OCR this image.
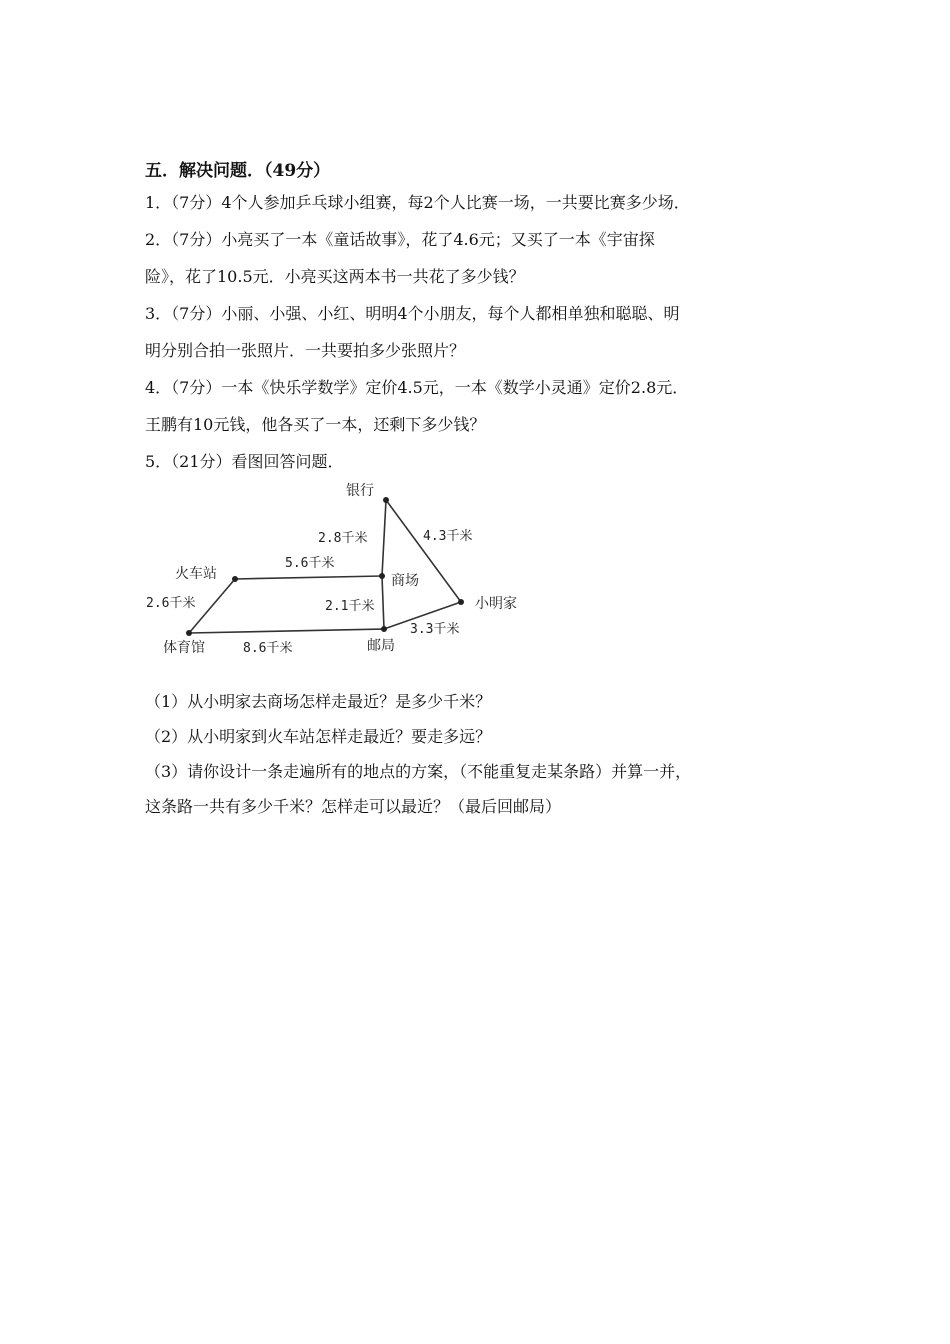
五．解决问题．（49分）

1．（7分）4个人参加乒乓球小组赛，每2个人比赛一场，一共要比赛多少场．

2．（7分）小亮买了一本《童话故事》，花了4.6元；又买了一本《宇宙探

险》，花了10.5元．小亮买这两本书一共花了多少钱？

3．（7分）小丽、小强、小红、明明4个小朋友，每个人都相单独和聪聪、明

明分别合拍一张照片．一共要拍多少张照片？

4．（7分）一本《快乐学数学》定价4.5元，一本《数学小灵通》定价2.8元．

王鹏有10元钱，他各买了一本，还剩下多少钱？

5．（21分）看图回答问题．

银行
火车站	商场
小明家
体育馆	邮局
2.8千米	4.3千米
5.6千米
2.6千米	2.1千米
3.3千米
8.6千米

（1）从小明家去商场怎样走最近？是多少千米？

（2）从小明家到火车站怎样走最近？要走多远？

（3）请你设计一条走遍所有的地点的方案，（不能重复走某条路）并算一并，

这条路一共有多少千米？怎样走可以最近？（最后回邮局）
